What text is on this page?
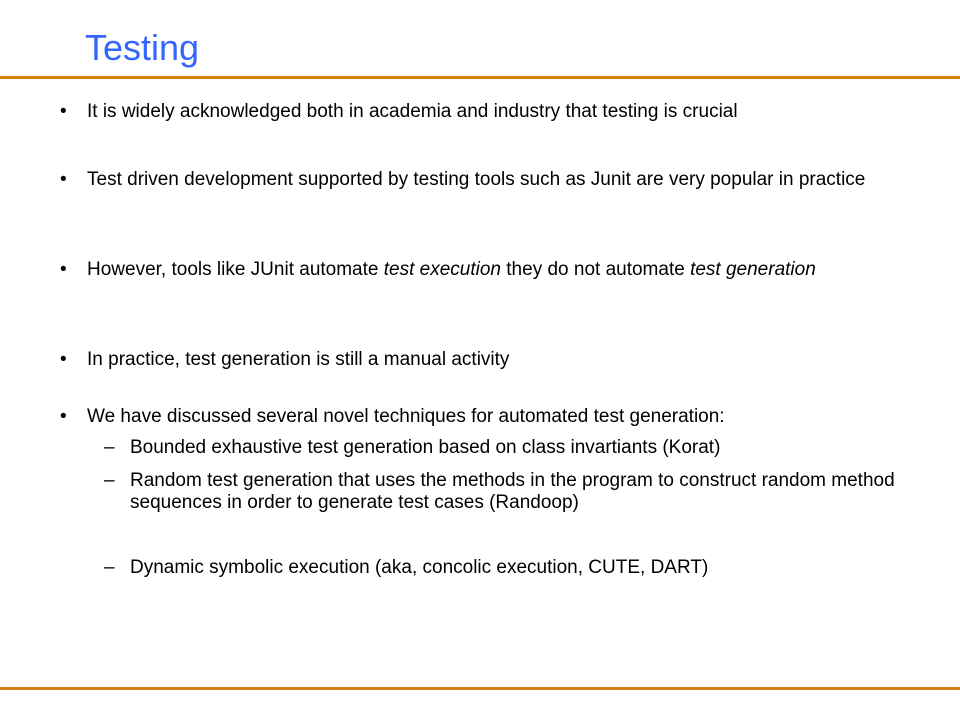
Testing
• It is widely acknowledged both in academia and industry that testing is crucial
• Test driven development supported by testing tools such as Junit are very popular in practice
• However, tools like JUnit automate test execution they do not automate test generation
• In practice, test generation is still a manual activity
• We have discussed several novel techniques for automated test generation:
– Bounded exhaustive test generation based on class invartiants (Korat)
– Random test generation that uses the methods in the program to construct random method sequences in order to generate test cases (Randoop)
– Dynamic symbolic execution (aka, concolic execution, CUTE, DART)
